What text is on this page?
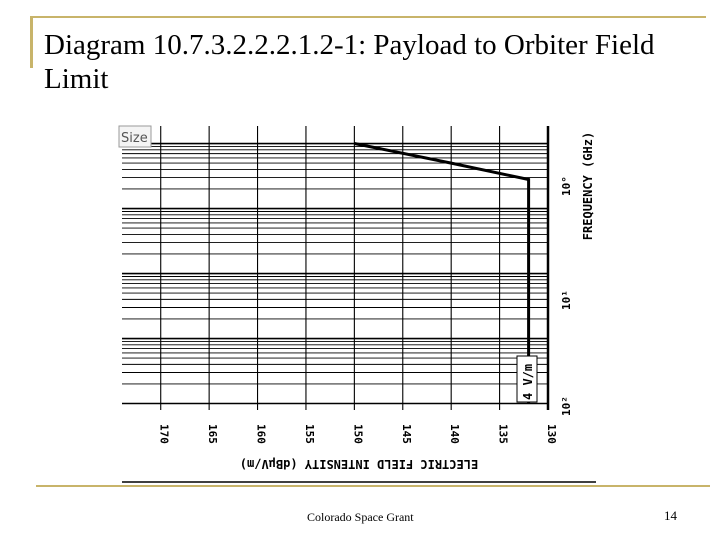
Diagram 10.7.3.2.2.2.1.2-1: Payload to Orbiter Field Limit
Size
4 V/m
170	165	160	155	150	145	140	135	130
10²
10¹
10°
ELECTRIC FIELD INTENSITY (dBµV/m)
FREQUENCY (GHz)
Colorado Space Grant	14
